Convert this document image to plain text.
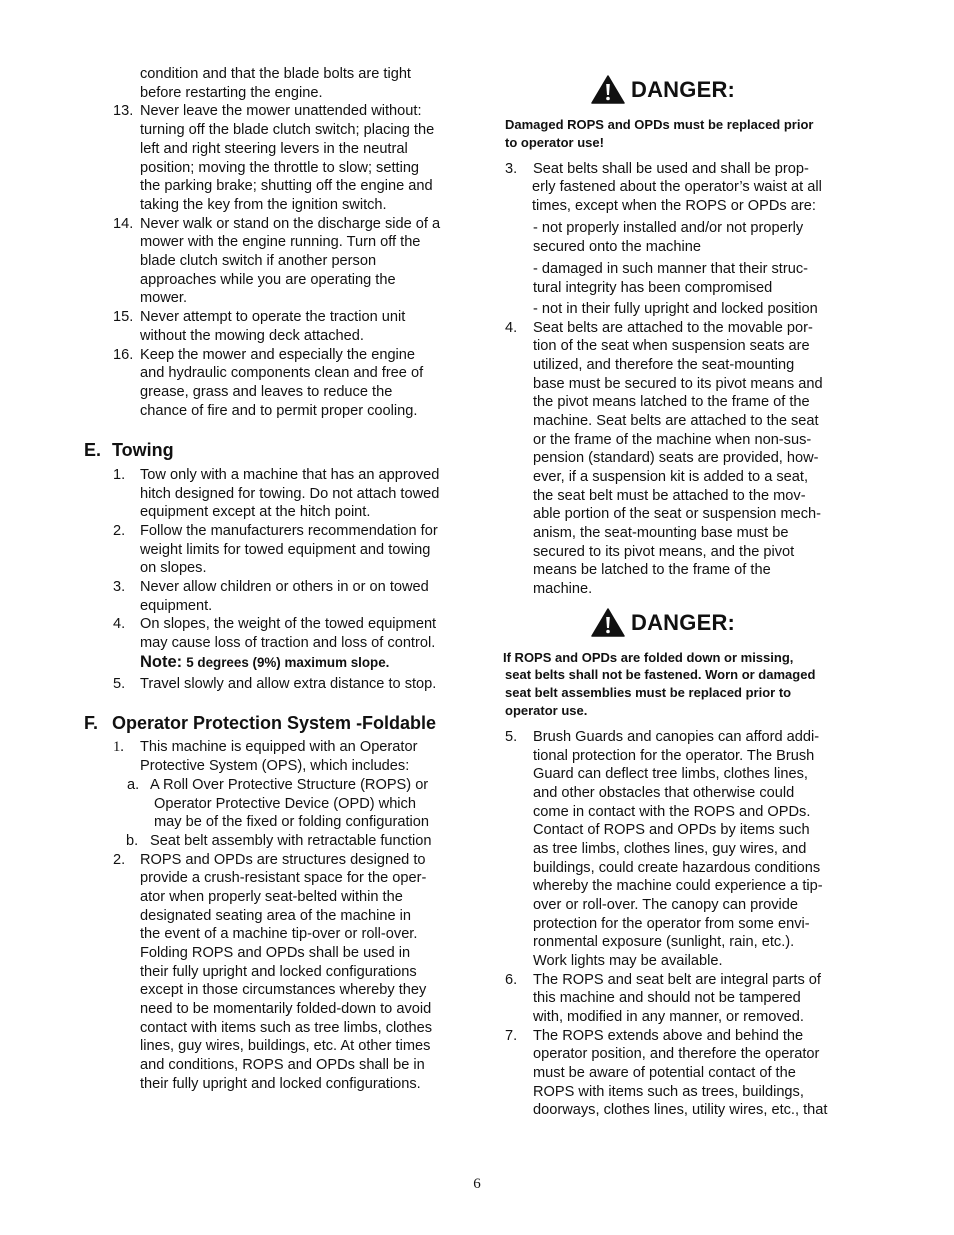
condition and that the blade bolts are tight
before restarting the engine.
13. Never leave the mower unattended without:
turning off the blade clutch switch; placing the
left and right steering levers in the neutral
position; moving the throttle to slow; setting
the parking brake; shutting off the engine and
taking the key from the ignition switch.
14. Never walk or stand on the discharge side of a
mower with the engine running. Turn off the
blade clutch switch if another person
approaches while you are operating the
mower.
15. Never attempt to operate the traction unit
without the mowing deck attached.
16. Keep the mower and especially the engine
and hydraulic components clean and free of
grease, grass and leaves to reduce the
chance of fire and to permit proper cooling.
E. Towing
1. Tow only with a machine that has an approved
hitch designed for towing. Do not attach towed
equipment except at the hitch point.
2. Follow the manufacturers recommendation for
weight limits for towed equipment and towing
on slopes.
3. Never allow children or others in or on towed
equipment.
4. On slopes, the weight of the towed equipment
may cause loss of traction and loss of control.
Note: 5 degrees (9%) maximum slope.
5. Travel slowly and allow extra distance to stop.
F. Operator Protection System -Foldable
1. This machine is equipped with an Operator
Protective System (OPS), which includes:
a. A Roll Over Protective Structure (ROPS) or
Operator Protective Device (OPD) which
may be of the fixed or folding configuration
b. Seat belt assembly with retractable function
2. ROPS and OPDs are structures designed to
provide a crush-resistant space for the oper-
ator when properly seat-belted within the
designated seating area of the machine in
the event of a machine tip-over or roll-over.
Folding ROPS and OPDs shall be used in
their fully upright and locked configurations
except in those circumstances whereby they
need to be momentarily folded-down to avoid
contact with items such as tree limbs, clothes
lines, guy wires, buildings, etc. At other times
and conditions, ROPS and OPDs shall be in
their fully upright and locked configurations.
DANGER:
Damaged ROPS and OPDs must be replaced prior
to operator use!
3. Seat belts shall be used and shall be prop-
erly fastened about the operator’s waist at all
times, except when the ROPS or OPDs are:
- not properly installed and/or not properly
secured onto the machine
- damaged in such manner that their struc-
tural integrity has been compromised
- not in their fully upright and locked position
4. Seat belts are attached to the movable por-
tion of the seat when suspension seats are
utilized, and therefore the seat-mounting
base must be secured to its pivot means and
the pivot means latched to the frame of the
machine. Seat belts are attached to the seat
or the frame of the machine when non-sus-
pension (standard) seats are provided, how-
ever, if a suspension kit is added to a seat,
the seat belt must be attached to the mov-
able portion of the seat or suspension mech-
anism, the seat-mounting base must be
secured to its pivot means, and the pivot
means be latched to the frame of the
machine.
DANGER:
If ROPS and OPDs are folded down or missing,
seat belts shall not be fastened. Worn or damaged
seat belt assemblies must be replaced prior to
operator use.
5. Brush Guards and canopies can afford addi-
tional protection for the operator. The Brush
Guard can deflect tree limbs, clothes lines,
and other obstacles that otherwise could
come in contact with the ROPS and OPDs.
Contact of ROPS and OPDs by items such
as tree limbs, clothes lines, guy wires, and
buildings, could create hazardous conditions
whereby the machine could experience a tip-
over or roll-over. The canopy can provide
protection for the operator from some envi-
ronmental exposure (sunlight, rain, etc.).
Work lights may be available.
6. The ROPS and seat belt are integral parts of
this machine and should not be tampered
with, modified in any manner, or removed.
7. The ROPS extends above and behind the
operator position, and therefore the operator
must be aware of potential contact of the
ROPS with items such as trees, buildings,
doorways, clothes lines, utility wires, etc., that
6
